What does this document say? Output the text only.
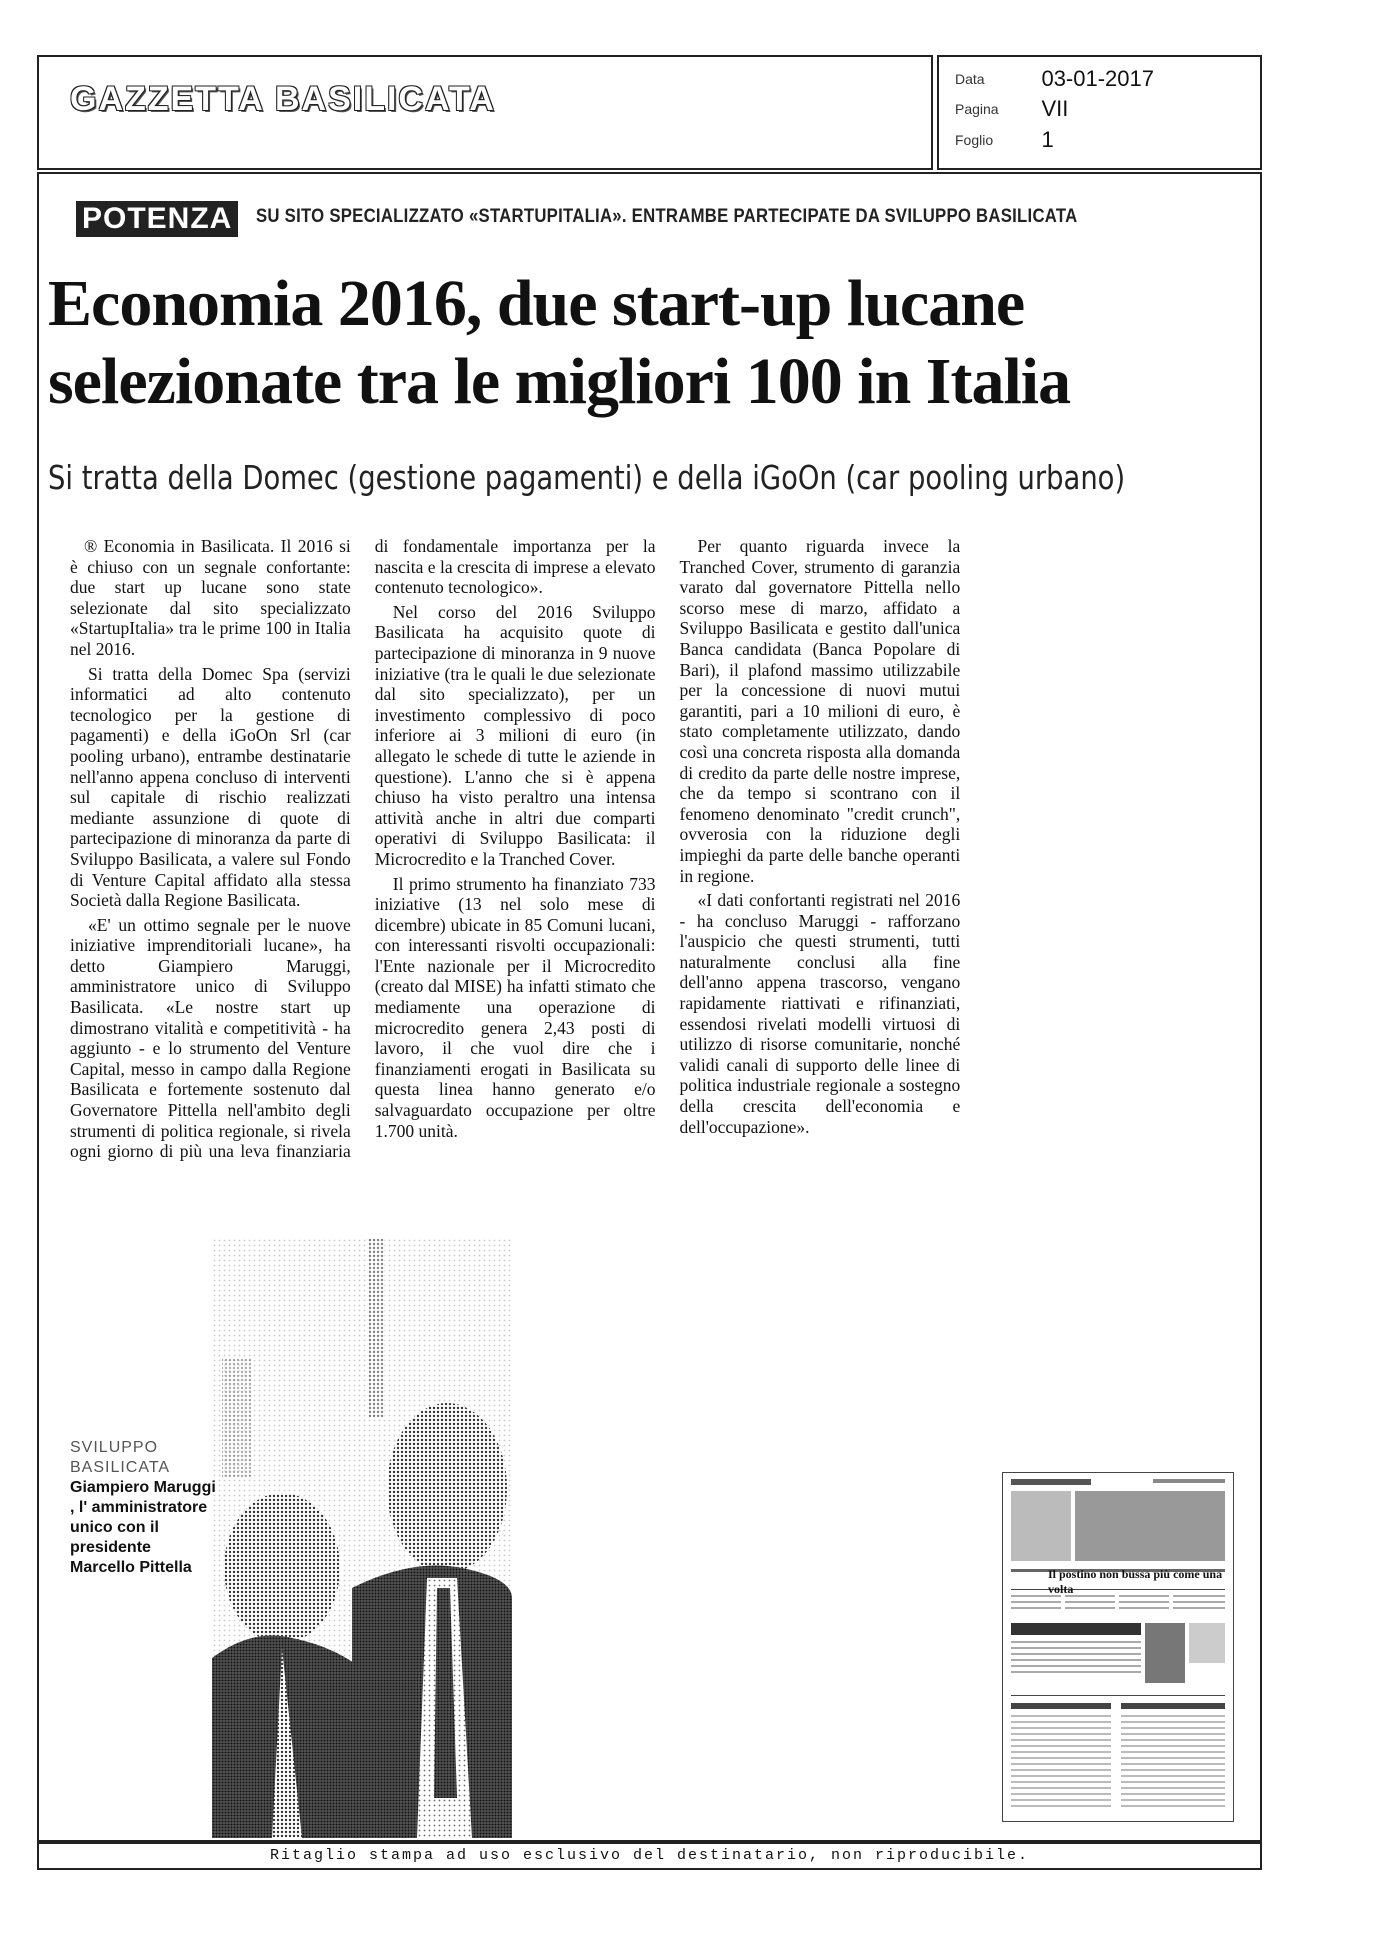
GAZZETTA BASILICATA
Data	03-01-2017
Pagina VII
Foglio 1
POTENZA	SU SITO SPECIALIZZATO «STARTUPITALIA». ENTRAMBE PARTECIPATE DA SVILUPPO BASILICATA
Economia 2016, due start-up lucane
selezionate tra le migliori 100 in Italia
Si tratta della Domec (gestione pagamenti) e della iGoOn (car pooling urbano)

® Economia in Basilicata. Il 2016 si è chiuso con un segnale confortante: due start up lucane sono state selezionate dal sito specializzato «StartupItalia» tra le prime 100 in Italia nel 2016.

Si tratta della Domec Spa (servizi informatici ad alto contenuto tecnologico per la gestione di pagamenti) e della iGoOn Srl (car pooling urbano), entrambe destinatarie nell'anno appena concluso di interventi sul capitale di rischio realizzati mediante assunzione di quote di partecipazione di minoranza da parte di Sviluppo Basilicata, a valere sul Fondo di Venture Capital affidato alla stessa Società dalla Regione Basilicata.

«E' un ottimo segnale per le nuove iniziative imprenditoriali lucane», ha detto Giampiero Maruggi, amministratore unico di Sviluppo Basilicata. «Le nostre start up dimostrano vitalità e competitività - ha aggiunto - e lo strumento del Venture Capital, messo in campo dalla Regione Basilicata e fortemente sostenuto dal Governatore Pittella nell'ambito degli strumenti di politica regionale, si rivela ogni giorno di più una leva finanziaria di fondamentale importanza per la nascita e la crescita di imprese a elevato contenuto tecnologico».

Nel corso del 2016 Sviluppo Basilicata ha acquisito quote di partecipazione di minoranza in 9 nuove iniziative (tra le quali le due selezionate dal sito specializzato), per un investimento complessivo di poco inferiore ai 3 milioni di euro (in allegato le schede di tutte le aziende in questione). L'anno che si è appena chiuso ha visto peraltro una intensa attività anche in altri due comparti operativi di Sviluppo Basilicata: il Microcredito e la Tranched Cover.

Il primo strumento ha finanziato 733 iniziative (13 nel solo mese di dicembre) ubicate in 85 Comuni lucani, con interessanti risvolti occupazionali: l'Ente nazionale per il Microcredito (creato dal MISE) ha infatti stimato che mediamente una operazione di microcredito genera 2,43 posti di lavoro, il che vuol dire che i finanziamenti erogati in Basilicata su questa linea hanno generato e/o salvaguardato occupazione per oltre 1.700 unità.

Per quanto riguarda invece la Tranched Cover, strumento di garanzia varato dal governatore Pittella nello scorso mese di marzo, affidato a Sviluppo Basilicata e gestito dall'unica Banca candidata (Banca Popolare di Bari), il plafond massimo utilizzabile per la concessione di nuovi mutui garantiti, pari a 10 milioni di euro, è stato completamente utilizzato, dando così una concreta risposta alla domanda di credito da parte delle nostre imprese, che da tempo si scontrano con il fenomeno denominato "credit crunch", ovverosia con la riduzione degli impieghi da parte delle banche operanti in regione.

«I dati confortanti registrati nel 2016 - ha concluso Maruggi - rafforzano l'auspicio che questi strumenti, tutti naturalmente conclusi alla fine dell'anno appena trascorso, vengano rapidamente riattivati e rifinanziati, essendosi rivelati modelli virtuosi di utilizzo di risorse comunitarie, nonché validi canali di supporto delle linee di politica industriale regionale a sostegno della crescita dell'economia e dell'occupazione».

SVILUPPO BASILICATA
Giampiero Maruggi , l' amministratore unico con il presidente Marcello Pittella	Il postino non bussa più come una volta
Ritaglio stampa ad uso esclusivo del destinatario, non riproducibile.
